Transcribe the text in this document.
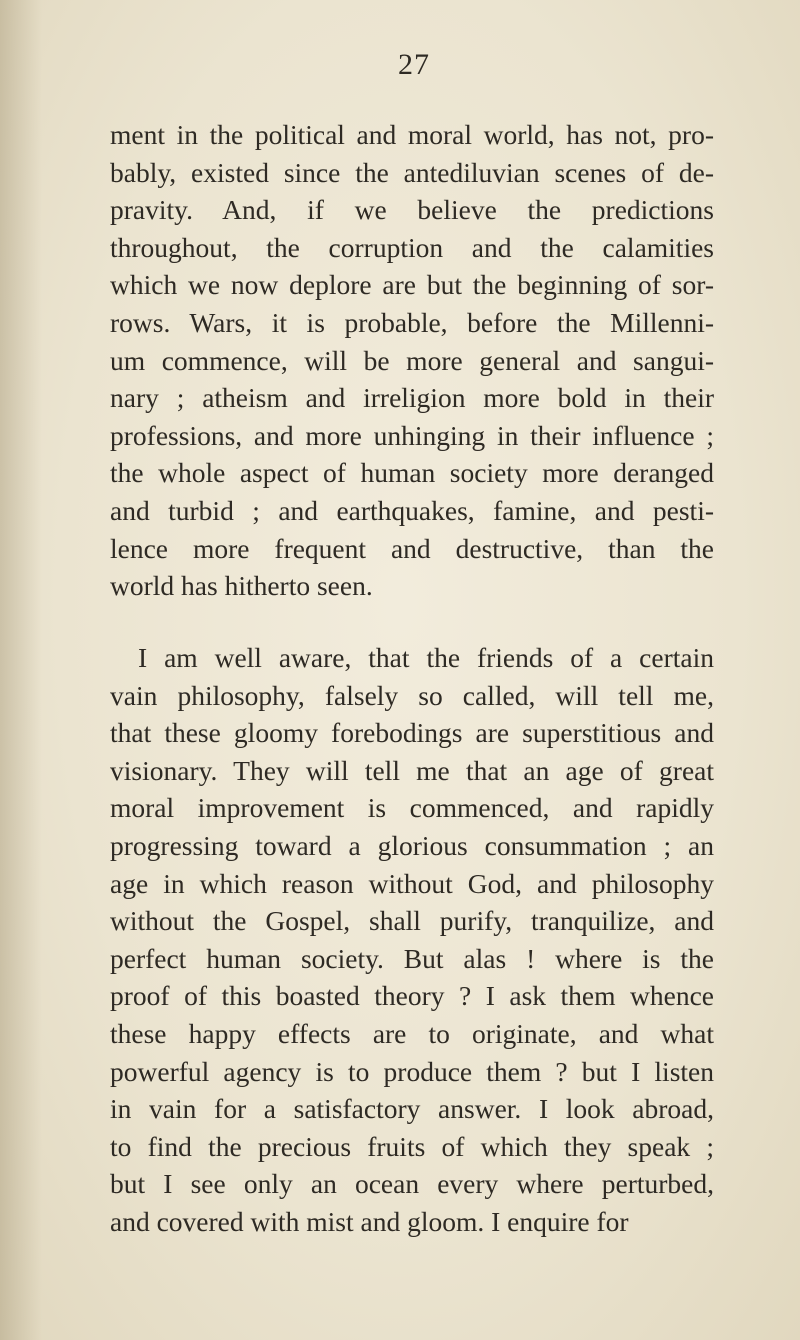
27
ment in the political and moral world, has not, pro-
bably, existed since the antediluvian scenes of de-
pravity. And, if we believe the predictions
throughout, the corruption and the calamities
which we now deplore are but the beginning of sor-
rows. Wars, it is probable, before the Millenni-
um commence, will be more general and sangui-
nary ; atheism and irreligion more bold in their
professions, and more unhinging in their influence ;
the whole aspect of human society more deranged
and turbid ; and earthquakes, famine, and pesti-
lence more frequent and destructive, than the
world has hitherto seen.
I am well aware, that the friends of a certain
vain philosophy, falsely so called, will tell me,
that these gloomy forebodings are superstitious and
visionary. They will tell me that an age of great
moral improvement is commenced, and rapidly
progressing toward a glorious consummation ; an
age in which reason without God, and philosophy
without the Gospel, shall purify, tranquilize, and
perfect human society. But alas ! where is the
proof of this boasted theory ? I ask them whence
these happy effects are to originate, and what
powerful agency is to produce them ? but I listen
in vain for a satisfactory answer. I look abroad,
to find the precious fruits of which they speak ;
but I see only an ocean every where perturbed,
and covered with mist and gloom. I enquire for
